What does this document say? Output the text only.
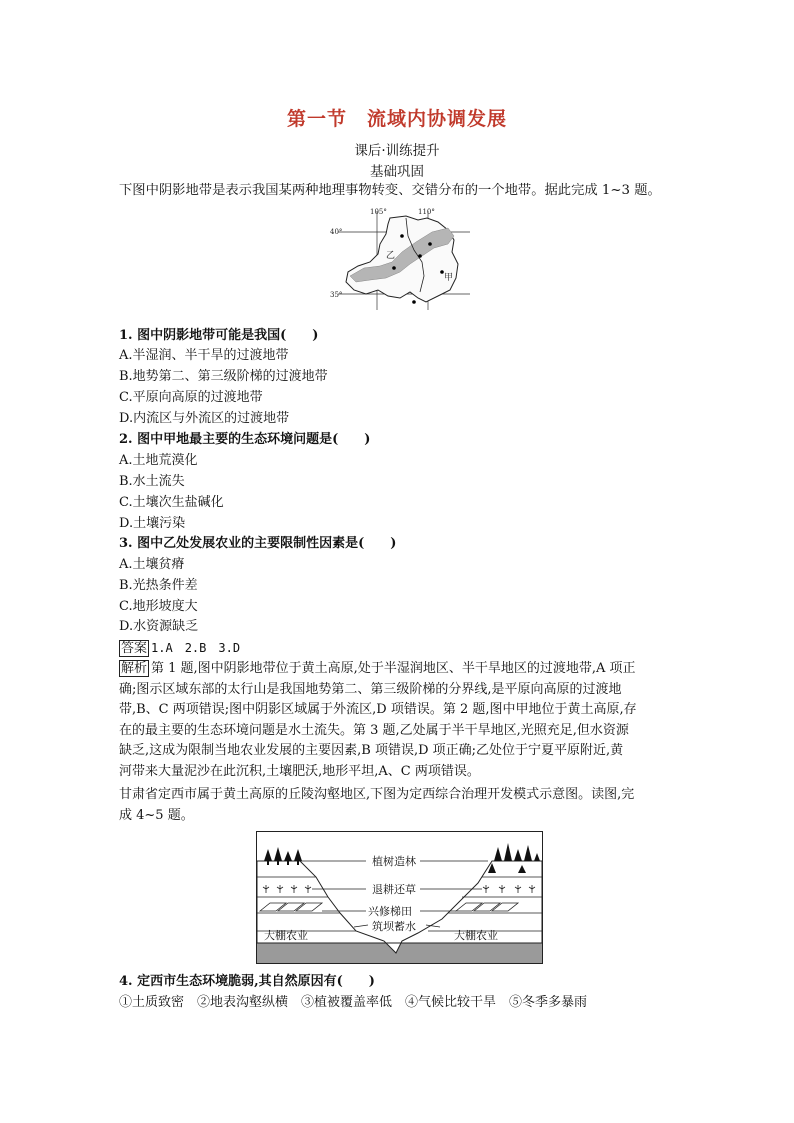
第一节　流域内协调发展
课后·训练提升
基础巩固
下图中阴影地带是表示我国某两种地理事物转变、交错分布的一个地带。据此完成 1~3 题。
105°	110°
40°
35°
乙
甲
1. 图中阴影地带可能是我国(　　)
A.半湿润、半干旱的过渡地带
B.地势第二、第三级阶梯的过渡地带
C.平原向高原的过渡地带
D.内流区与外流区的过渡地带
2. 图中甲地最主要的生态环境问题是(　　)
A.土地荒漠化
B.水土流失
C.土壤次生盐碱化
D.土壤污染
3. 图中乙处发展农业的主要限制性因素是(　　)
A.土壤贫瘠
B.光热条件差
C.地形坡度大
D.水资源缺乏
答案 1.A　2.B　3.D
解析 第 1 题,图中阴影地带位于黄土高原,处于半湿润地区、半干旱地区的过渡地带,A 项正
确;图示区域东部的太行山是我国地势第二、第三级阶梯的分界线,是平原向高原的过渡地
带,B、C 两项错误;图中阴影区域属于外流区,D 项错误。第 2 题,图中甲地位于黄土高原,存
在的最主要的生态环境问题是水土流失。第 3 题,乙处属于半干旱地区,光照充足,但水资源
缺乏,这成为限制当地农业发展的主要因素,B 项错误,D 项正确;乙处位于宁夏平原附近,黄
河带来大量泥沙在此沉积,土壤肥沃,地形平坦,A、C 两项错误。
甘肃省定西市属于黄土高原的丘陵沟壑地区,下图为定西综合治理开发模式示意图。读图,完
成 4~5 题。
植树造林
退耕还草
兴修梯田
筑坝蓄水
大棚农业	大棚农业
4. 定西市生态环境脆弱,其自然原因有(　　)
①土质致密　②地表沟壑纵横　③植被覆盖率低　④气候比较干旱　⑤冬季多暴雨
